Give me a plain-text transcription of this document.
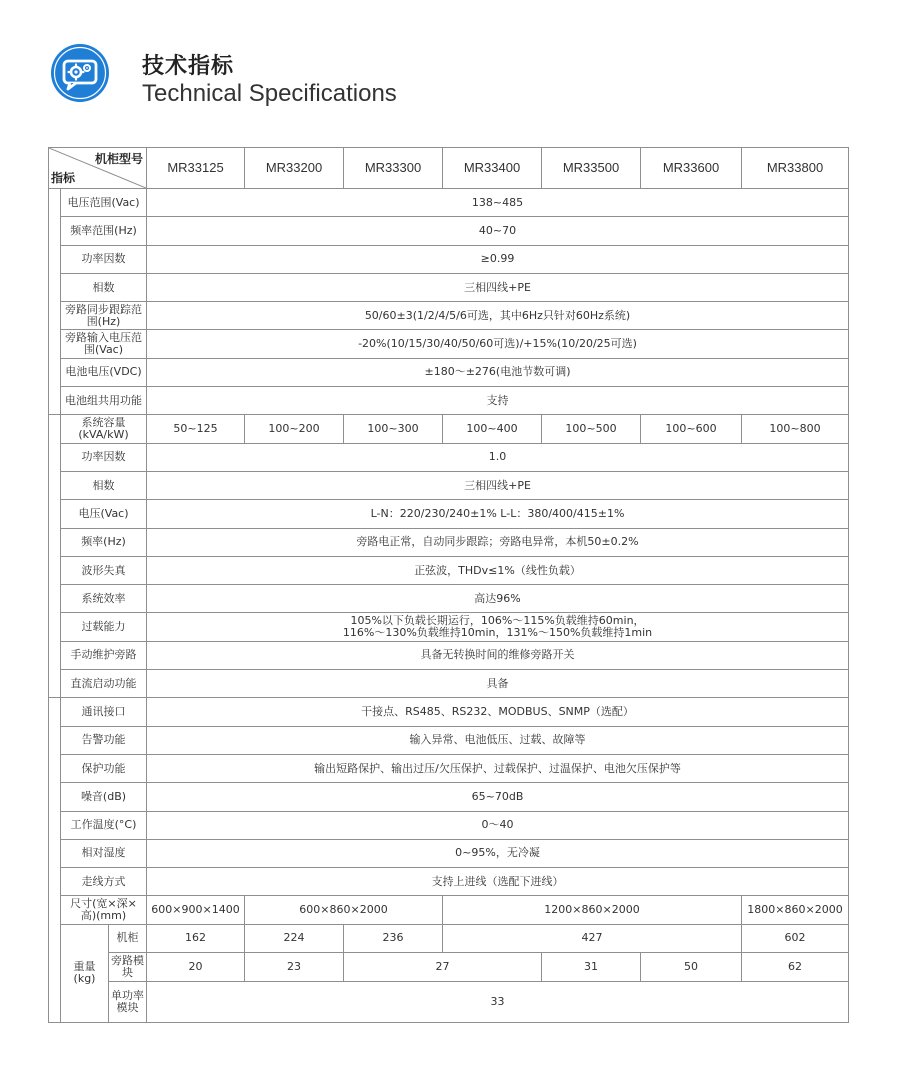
技术指标
Technical Specifications
机柜型号
指标			MR33125	MR33200	MR33300	MR33400	MR33500	MR33600	MR33800
	电压范围(Vac)		138~485						
	频率范围(Hz)		40~70						
	功率因数		≥0.99						
	相数		三相四线+PE						
	旁路同步跟踪范围(Hz)		50/60±3(1/2/4/5/6可选，其中6Hz只针对60Hz系统)						
	旁路输入电压范围(Vac)		-20%(10/15/30/40/50/60可选)/+15%(10/20/25可选)						
	电池电压(VDC)		±180～±276(电池节数可调)						
	电池组共用功能		支持						
	系统容量(kVA/kW)		50~125	100~200	100~300	100~400	100~500	100~600	100~800
	功率因数		1.0						
	相数		三相四线+PE						
	电压(Vac)		L-N：220/230/240±1% L-L：380/400/415±1%						
	频率(Hz)		旁路电正常，自动同步跟踪；旁路电异常，本机50±0.2%						
	波形失真		正弦波，THDv≤1%（线性负载）						
	系统效率		高达96%						
	过载能力		105%以下负载长期运行，106%～115%负载维持60min，
116%～130%负载维持10min，131%～150%负载维持1min						
	手动维护旁路		具备无转换时间的维修旁路开关						
	直流启动功能		具备						
	通讯接口		干接点、RS485、RS232、MODBUS、SNMP（选配）						
	告警功能		输入异常、电池低压、过载、故障等						
	保护功能		输出短路保护、输出过压/欠压保护、过载保护、过温保护、电池欠压保护等						
	噪音(dB)		65~70dB						
	工作温度(°C)		0～40						
	相对湿度		0~95%，无冷凝						
	走线方式		支持上进线（选配下进线）						
	尺寸(宽×深×高)(mm)		600×900×1400	600×860×2000		1200×860×2000			1800×860×2000
	重量(kg)	机柜	162	224	236	427			602
		旁路模块	20	23	27		31	50	62
		单功率模块	33						
